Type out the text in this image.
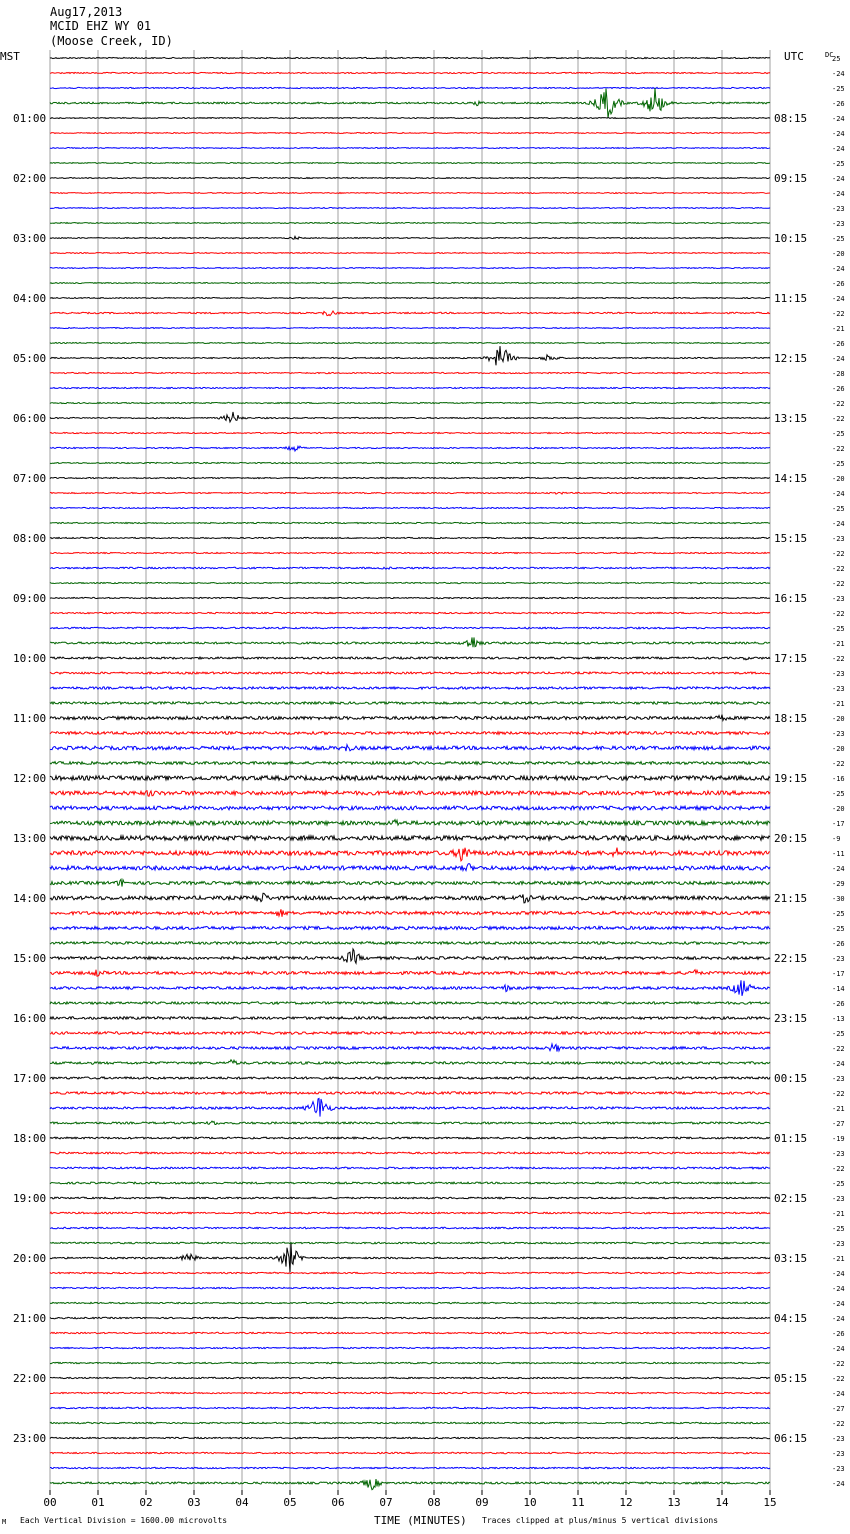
Aug17,2013
MCID EHZ WY 01
(Moose Creek, ID)
MST	UTC	DC
01:00
02:00
03:00
04:00
05:00
06:00
07:00
08:00
09:00
10:00
11:00
12:00
13:00
14:00
15:00
16:00
17:00
18:00
19:00
20:00
21:00
22:00
23:00
08:15
09:15
10:15
11:15
12:15
13:15
14:15
15:15
16:15
17:15
18:15
19:15
20:15
21:15
22:15
23:15
00:15
01:15
02:15
03:15
04:15
05:15
06:15
25
-24
-25
-26
-24
-24
-24
-25
-24
-24
-23
-23
-25
-20
-24
-26
-24
-22
-21
-26
-24
-28
-26
-22
-22
-25
-22
-25
-20
-24
-25
-24
-23
-22
-22
-22
-23
-22
-25
-21
-22
-23
-23
-21
-20
-23
-20
-22
-16
-25
-20
-17
-9
-11
-24
-29
-30
-25
-25
-26
-23
-17
-14
-26
-13
-25
-22
-24
-23
-22
-21
-27
-19
-23
-22
-25
-23
-21
-25
-23
-21
-24
-24
-24
-24
-26
-24
-22
-22
-24
-27
-22
-23
-23
-23
-24
00	01	02	03	04	05	06	07	08	09	10	11	12	13	14	15
M Each Vertical Division = 1600.00 microvolts	TIME (MINUTES) Traces clipped at plus/minus 5 vertical divisions
